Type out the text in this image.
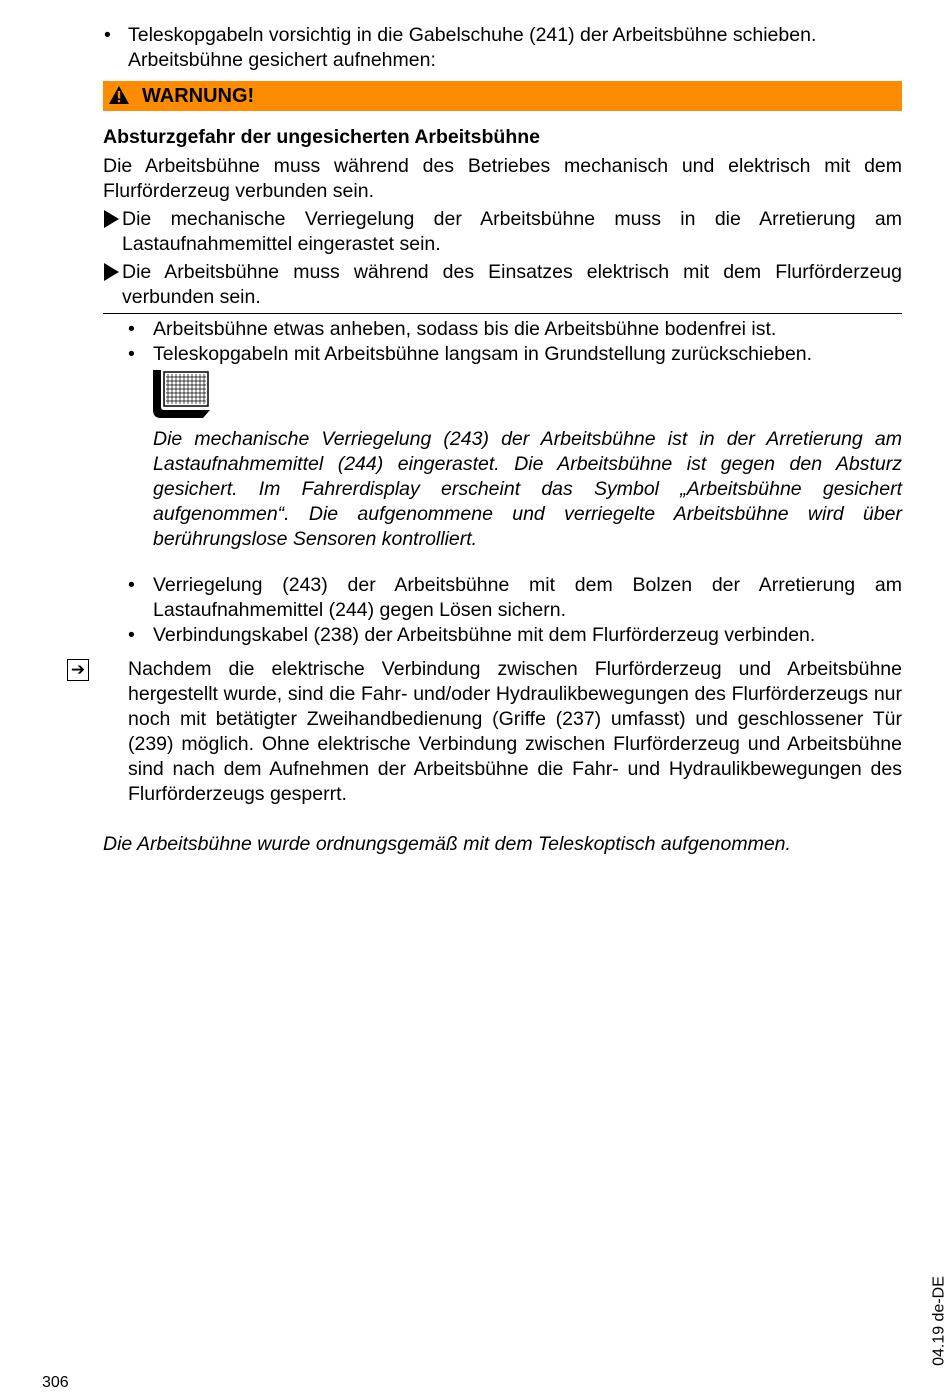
• Teleskopgabeln vorsichtig in die Gabelschuhe (241) der Arbeitsbühne schieben.
Arbeitsbühne gesichert aufnehmen:
WARNUNG!
Absturzgefahr der ungesicherten Arbeitsbühne
Die Arbeitsbühne muss während des Betriebes mechanisch und elektrisch mit dem Flurförderzeug verbunden sein.
Die mechanische Verriegelung der Arbeitsbühne muss in die Arretierung am Lastaufnahmemittel eingerastet sein.
Die Arbeitsbühne muss während des Einsatzes elektrisch mit dem Flurförderzeug verbunden sein.
• Arbeitsbühne etwas anheben, sodass bis die Arbeitsbühne bodenfrei ist.
• Teleskopgabeln mit Arbeitsbühne langsam in Grundstellung zurückschieben.
Die mechanische Verriegelung (243) der Arbeitsbühne ist in der Arretierung am Lastaufnahmemittel (244) eingerastet. Die Arbeitsbühne ist gegen den Absturz gesichert. Im Fahrerdisplay erscheint das Symbol „Arbeitsbühne gesichert aufgenommen“. Die aufgenommene und verriegelte Arbeitsbühne wird über berührungslose Sensoren kontrolliert.
• Verriegelung (243) der Arbeitsbühne mit dem Bolzen der Arretierung am Lastaufnahmemittel (244) gegen Lösen sichern.
• Verbindungskabel (238) der Arbeitsbühne mit dem Flurförderzeug verbinden.
➔ Nachdem die elektrische Verbindung zwischen Flurförderzeug und Arbeitsbühne hergestellt wurde, sind die Fahr- und/oder Hydraulikbewegungen des Flurförderzeugs nur noch mit betätigter Zweihandbedienung (Griffe (237) umfasst) und geschlossener Tür (239) möglich. Ohne elektrische Verbindung zwischen Flurförderzeug und Arbeitsbühne sind nach dem Aufnehmen der Arbeitsbühne die Fahr- und Hydraulikbewegungen des Flurförderzeugs gesperrt.
Die Arbeitsbühne wurde ordnungsgemäß mit dem Teleskoptisch aufgenommen.
04.19 de-DE
306
